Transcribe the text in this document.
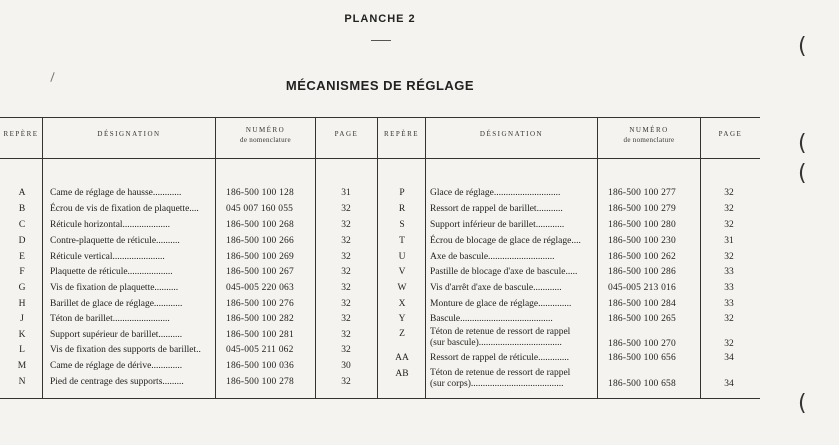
PLANCHE 2
MÉCANISMES DE RÉGLAGE
(
(
(
(
REPÈRE	DÉSIGNATION	NUMÉRO
de nomenclature
PAGE	REPÈRE	DÉSIGNATION	NUMÉRO
de nomenclature
PAGE
A	Came de réglage de hausse............	186-500 100 128	31
B	Écrou de vis de fixation de plaquette....	045 007 160 055	32
C	Réticule horizontal....................	186-500 100 268	32
D	Contre-plaquette de réticule..........	186-500 100 266	32
E	Réticule vertical......................	186-500 100 269	32
F	Plaquette de réticule...................	186-500 100 267	32
G	Vis de fixation de plaquette..........	045-005 220 063	32
H	Barillet de glace de réglage............	186-500 100 276	32
J	Téton de barillet........................	186-500 100 282	32
K	Support supérieur de barillet..........	186-500 100 281	32
L	Vis de fixation des supports de barillet..	045-005 211 062	32
M	Came de réglage de dérive.............	186-500 100 036	30
N	Pied de centrage des supports.........	186-500 100 278	32
P	Glace de réglage............................	186-500 100 277	32
R	Ressort de rappel de barillet...........	186-500 100 279	32
S	Support inférieur de barillet............	186-500 100 280	32
T	Écrou de blocage de glace de réglage....	186-500 100 230	31
U	Axe de bascule............................	186-500 100 262	32
V	Pastille de blocage d'axe de bascule.....	186-500 100 286	33
W	Vis d'arrêt d'axe de bascule............	045-005 213 016	33
X	Monture de glace de réglage..............	186-500 100 284	33
Y	Bascule.......................................	186-500 100 265	32
Z	Téton de retenue de ressort de rappel
(sur bascule)...................................	186-500 100 270	32
AA	Ressort de rappel de réticule.............	186-500 100 656	34
AB	Téton de retenue de ressort de rappel
(sur corps).......................................	186-500 100 658	34
